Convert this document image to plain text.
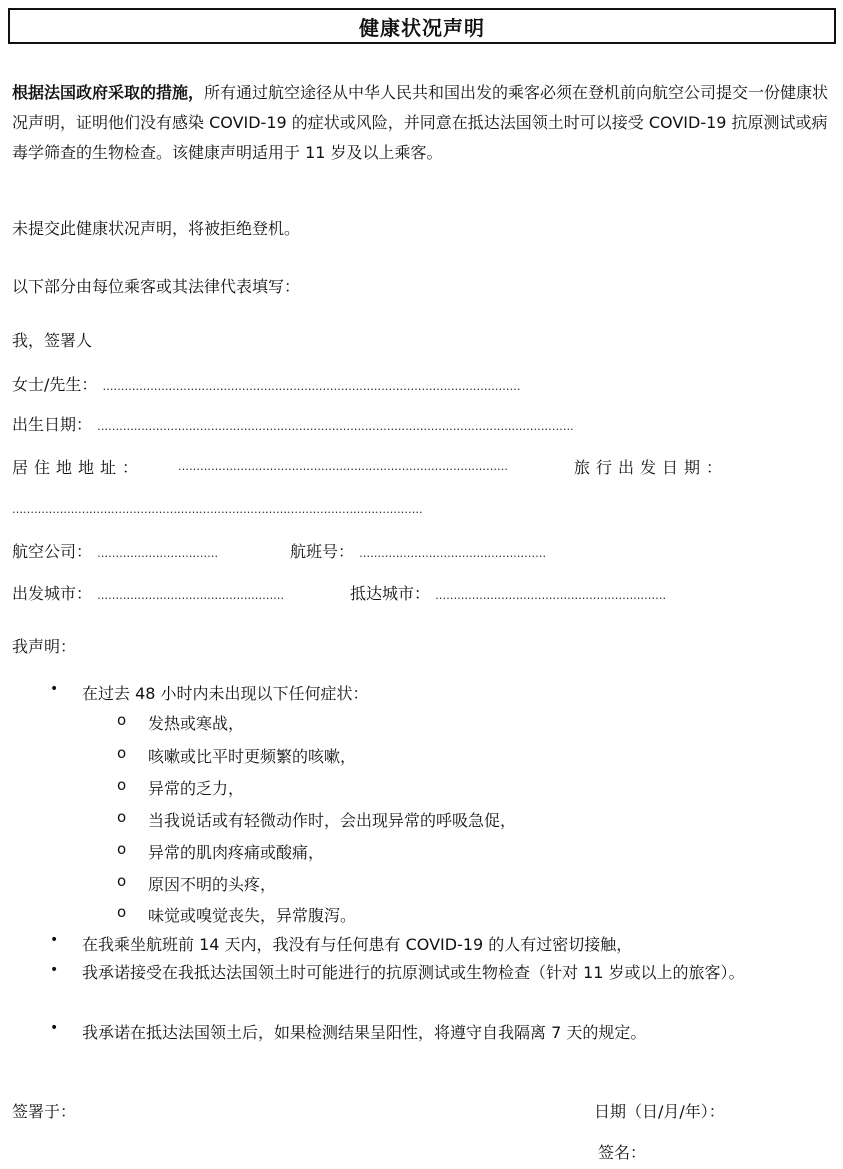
健康状况声明
根据法国政府采取的措施，所有通过航空途径从中华人民共和国出发的乘客必须在登机前向航空公司提交一份健康状况声明，证明他们没有感染 COVID-19 的症状或风险，并同意在抵达法国领土时可以接受 COVID-19 抗原测试或病毒学筛查的生物检查。该健康声明适用于 11 岁及以上乘客。
未提交此健康状况声明，将被拒绝登机。
以下部分由每位乘客或其法律代表填写：
我，签署人
女士/先生： ……………………………………………………………………………………………………
出生日期： ………………………………………………………………………………………………………………….
居住地地址：	………………………………………………………………………………	旅行出发日期：
………………………………………………………………………………………………….
航空公司： ……………………………	航班号： ……………………………………………
出发城市： ……………………………………………	抵达城市： ………………………………………………………
我声明：
• 在过去 48 小时内未出现以下任何症状：
o 发热或寒战，
o 咳嗽或比平时更频繁的咳嗽，
o 异常的乏力，
o 当我说话或有轻微动作时，会出现异常的呼吸急促，
o 异常的肌肉疼痛或酸痛，
o 原因不明的头疼，
o 味觉或嗅觉丧失，异常腹泻。
• 在我乘坐航班前 14 天内，我没有与任何患有 COVID-19 的人有过密切接触，
• 我承诺接受在我抵达法国领土时可能进行的抗原测试或生物检查（针对 11 岁或以上的旅客）。
• 我承诺在抵达法国领土后，如果检测结果呈阳性，将遵守自我隔离 7 天的规定。
签署于：	日期（日/月/年）：
签名：
